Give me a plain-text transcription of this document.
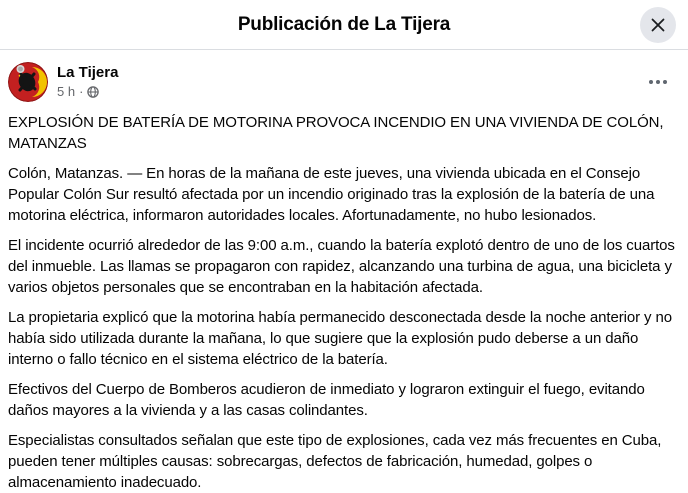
Publicación de La Tijera
La Tijera
5 h ·

EXPLOSIÓN DE BATERÍA DE MOTORINA PROVOCA INCENDIO EN UNA VIVIENDA DE COLÓN, MATANZAS

Colón, Matanzas. — En horas de la mañana de este jueves, una vivienda ubicada en el Consejo Popular Colón Sur resultó afectada por un incendio originado tras la explosión de la batería de una motorina eléctrica, informaron autoridades locales. Afortunadamente, no hubo lesionados.

El incidente ocurrió alrededor de las 9:00 a.m., cuando la batería explotó dentro de uno de los cuartos del inmueble. Las llamas se propagaron con rapidez, alcanzando una turbina de agua, una bicicleta y varios objetos personales que se encontraban en la habitación afectada.

La propietaria explicó que la motorina había permanecido desconectada desde la noche anterior y no había sido utilizada durante la mañana, lo que sugiere que la explosión pudo deberse a un daño interno o fallo técnico en el sistema eléctrico de la batería.

Efectivos del Cuerpo de Bomberos acudieron de inmediato y lograron extinguir el fuego, evitando daños mayores a la vivienda y a las casas colindantes.

Especialistas consultados señalan que este tipo de explosiones, cada vez más frecuentes en Cuba, pueden tener múltiples causas: sobrecargas, defectos de fabricación, humedad, golpes o almacenamiento inadecuado.
